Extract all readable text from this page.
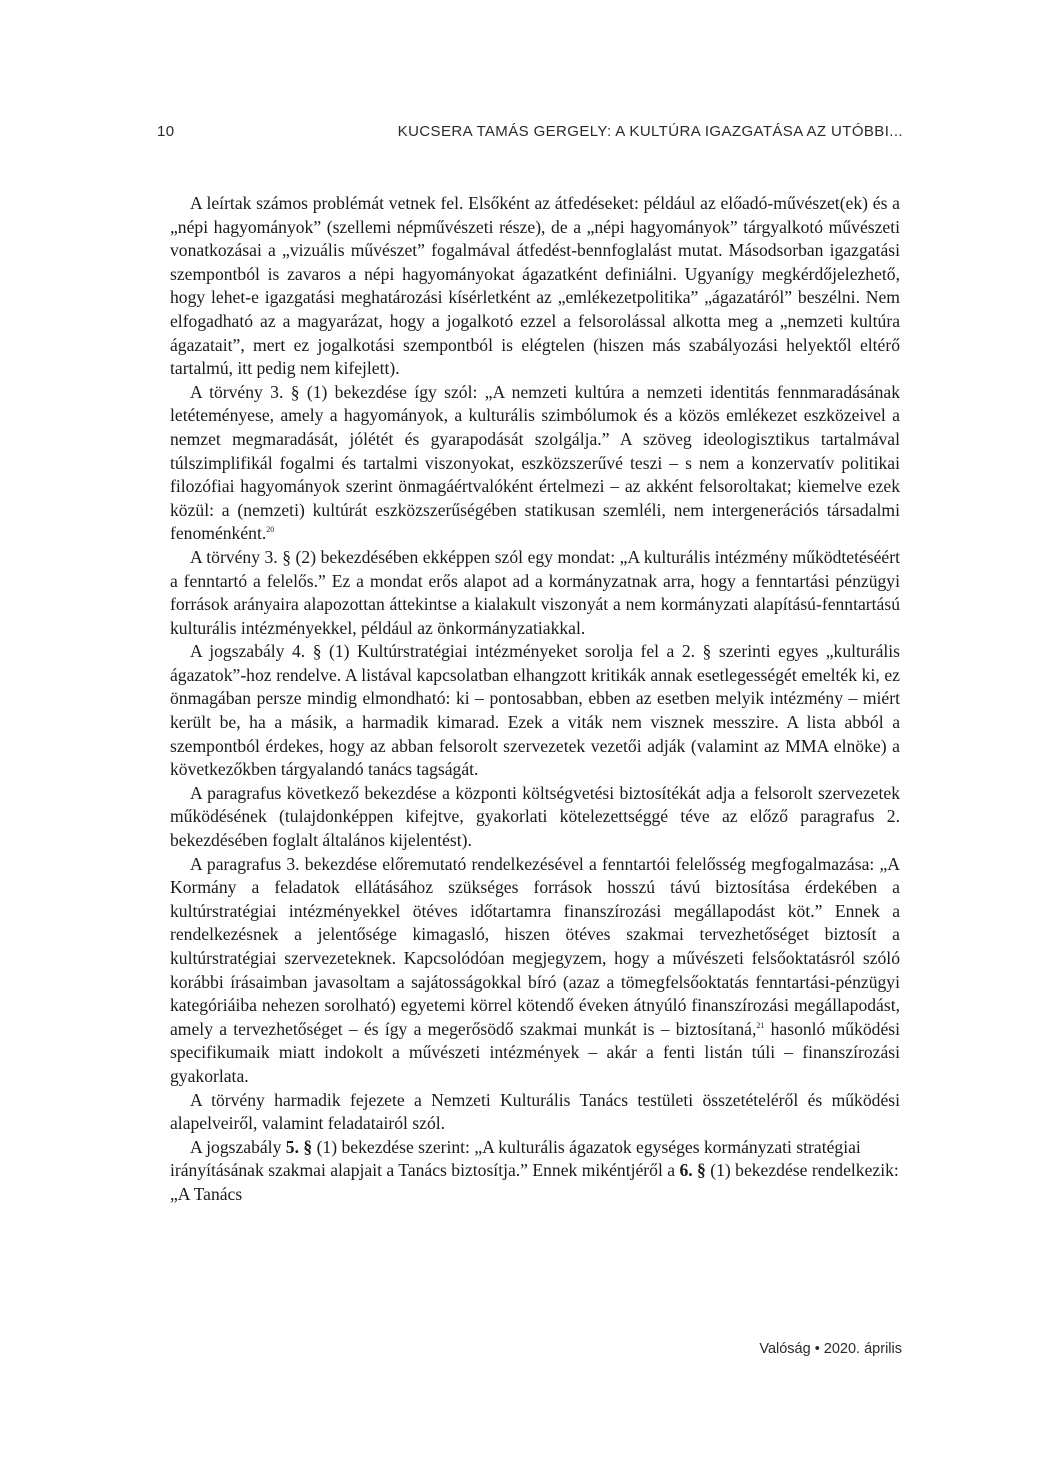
10	KUCSERA TAMÁS GERGELY: A KULTÚRA IGAZGATÁSA AZ UTÓBBI...

A leírtak számos problémát vetnek fel. Elsőként az átfedéseket: például az előadó-művészet(ek) és a „népi hagyományok” (szellemi népművészeti része), de a „népi hagyományok” tárgyalkotó művészeti vonatkozásai a „vizuális művészet” fogalmával átfedést-bennfoglalást mutat. Másodsorban igazgatási szempontból is zavaros a népi hagyományokat ágazatként definiálni. Ugyanígy megkérdőjelezhető, hogy lehet-e igazgatási meghatározási kísérletként az „emlékezetpolitika” „ágazatáról” beszélni. Nem elfogadható az a magyarázat, hogy a jogalkotó ezzel a felsorolással alkotta meg a „nemzeti kultúra ágazatait”, mert ez jogalkotási szempontból is elégtelen (hiszen más szabályozási helyektől eltérő tartalmú, itt pedig nem kifejlett).

A törvény 3. § (1) bekezdése így szól: „A nemzeti kultúra a nemzeti identitás fennmaradásának letéteményese, amely a hagyományok, a kulturális szimbólumok és a közös emlékezet eszközeivel a nemzet megmaradását, jólétét és gyarapodását szolgálja.” A szöveg ideologisztikus tartalmával túlszimplifikál fogalmi és tartalmi viszonyokat, eszközszerűvé teszi – s nem a konzervatív politikai filozófiai hagyományok szerint önmagáértvalóként értelmezi – az akként felsoroltakat; kiemelve ezek közül: a (nemzeti) kultúrát eszközszerűségében statikusan szemléli, nem intergenerációs társadalmi fenoménként.$^{20}$

A törvény 3. § (2) bekezdésében ekképpen szól egy mondat: „A kulturális intézmény működtetéséért a fenntartó a felelős.” Ez a mondat erős alapot ad a kormányzatnak arra, hogy a fenntartási pénzügyi források arányaira alapozottan áttekintse a kialakult viszonyát a nem kormányzati alapítású-fenntartású kulturális intézményekkel, például az önkormányzatiakkal.

A jogszabály 4. § (1) Kultúrstratégiai intézményeket sorolja fel a 2. § szerinti egyes „kulturális ágazatok”-hoz rendelve. A listával kapcsolatban elhangzott kritikák annak esetlegességét emelték ki, ez önmagában persze mindig elmondható: ki – pontosabban, ebben az esetben melyik intézmény – miért került be, ha a másik, a harmadik kimarad. Ezek a viták nem visznek messzire. A lista abból a szempontból érdekes, hogy az abban felsorolt szervezetek vezetői adják (valamint az MMA elnöke) a következőkben tárgyalandó tanács tagságát.

A paragrafus következő bekezdése a központi költségvetési biztosítékát adja a felsorolt szervezetek működésének (tulajdonképpen kifejtve, gyakorlati kötelezettséggé téve az előző paragrafus 2. bekezdésében foglalt általános kijelentést).

A paragrafus 3. bekezdése előremutató rendelkezésével a fenntartói felelősség megfogalmazása: „A Kormány a feladatok ellátásához szükséges források hosszú távú biztosítása érdekében a kultúrstratégiai intézményekkel ötéves időtartamra finanszírozási megállapodást köt.” Ennek a rendelkezésnek a jelentősége kimagasló, hiszen ötéves szakmai tervezhetőséget biztosít a kultúrstratégiai szervezeteknek. Kapcsolódóan megjegyzem, hogy a művészeti felsőoktatásról szóló korábbi írásaimban javasoltam a sajátosságokkal bíró (azaz a tömegfelsőoktatás fenntartási-pénzügyi kategóriáiba nehezen sorolható) egyetemi körrel kötendő éveken átnyúló finanszírozási megállapodást, amely a tervezhetőséget – és így a megerősödő szakmai munkát is – biztosítaná,$^{21}$ hasonló működési specifikumaik miatt indokolt a művészeti intézmények – akár a fenti listán túli – finanszírozási gyakorlata.

A törvény harmadik fejezete a Nemzeti Kulturális Tanács testületi összetételéről és működési alapelveiről, valamint feladatairól szól.

A jogszabály 5. § (1) bekezdése szerint: „A kulturális ágazatok egységes kormányzati stratégiai irányításának szakmai alapjait a Tanács biztosítja.” Ennek mikéntjéről a 6. § (1) bekezdése rendelkezik: „A Tanács

Valóság • 2020. április
